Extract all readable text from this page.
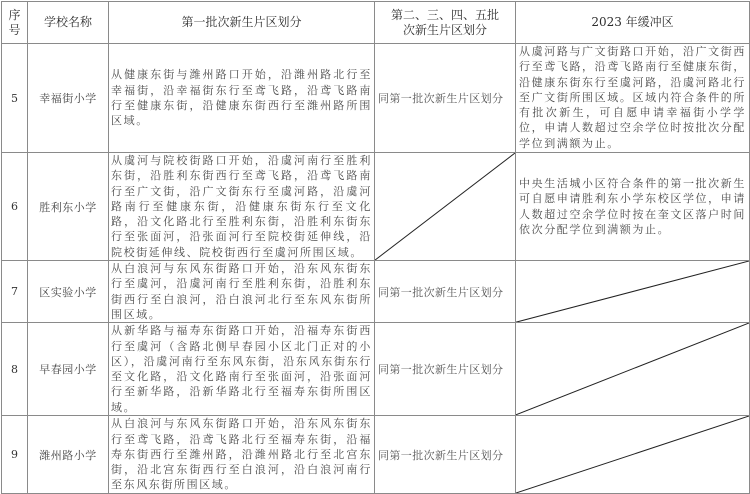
序号	学校名称	第一批次新生片区划分	第二、三、四、五批次新生片区划分	2023 年缓冲区
5	幸福街小学	从健康东街与潍州路口开始，沿潍州路北行至幸福街，沿幸福街东行至鸢飞路，沿鸢飞路南行至健康东街，沿健康东街西行至潍州路所围区域。	同第一批次新生片区划分	从虞河路与广文街路口开始，沿广文街西行至鸢飞路，沿鸢飞路南行至健康东街，沿健康东街东行至虞河路，沿虞河路北行至广文街所围区域。区域内符合条件的所有批次新生，可自愿申请幸福街小学学位，申请人数超过空余学位时按批次分配学位到满额为止。
6	胜利东小学	从虞河与院校街路口开始，沿虞河南行至胜利东街，沿胜利东街西行至鸢飞路，沿鸢飞路南行至广文街，沿广文街东行至虞河路，沿虞河路南行至健康东街，沿健康东街东行至文化路，沿文化路北行至胜利东街，沿胜利东街东行至张面河，沿张面河行至院校街延伸线，沿院校街延伸线、院校街西行至虞河所围区域。		中央生活城小区符合条件的第一批次新生可自愿申请胜利东小学东校区学位，申请人数超过空余学位时按在奎文区落户时间依次分配学位到满额为止。
7	区实验小学	从白浪河与东风东街路口开始，沿东风东街东行至虞河，沿虞河南行至胜利东街，沿胜利东街西行至白浪河，沿白浪河北行至东风东街所围区域。	同第一批次新生片区划分	

8	早春园小学	从新华路与福寿东街路口开始，沿福寿东街西行至虞河（含路北侧早春园小区北门正对的小区），沿虞河南行至东风东街，沿东风东街东行至文化路，沿文化路南行至张面河，沿张面河行至新华路，沿新华路北行至福寿东街所围区域。	同第一批次新生片区划分	

9	潍州路小学	从白浪河与东风东街路口开始，沿东风东街东行至鸢飞路，沿鸢飞路北行至福寿东街，沿福寿东街西行至潍州路，沿潍州路北行至北宫东街，沿北宫东街西行至白浪河，沿白浪河南行至东风东街所围区域。	同第一批次新生片区划分	
